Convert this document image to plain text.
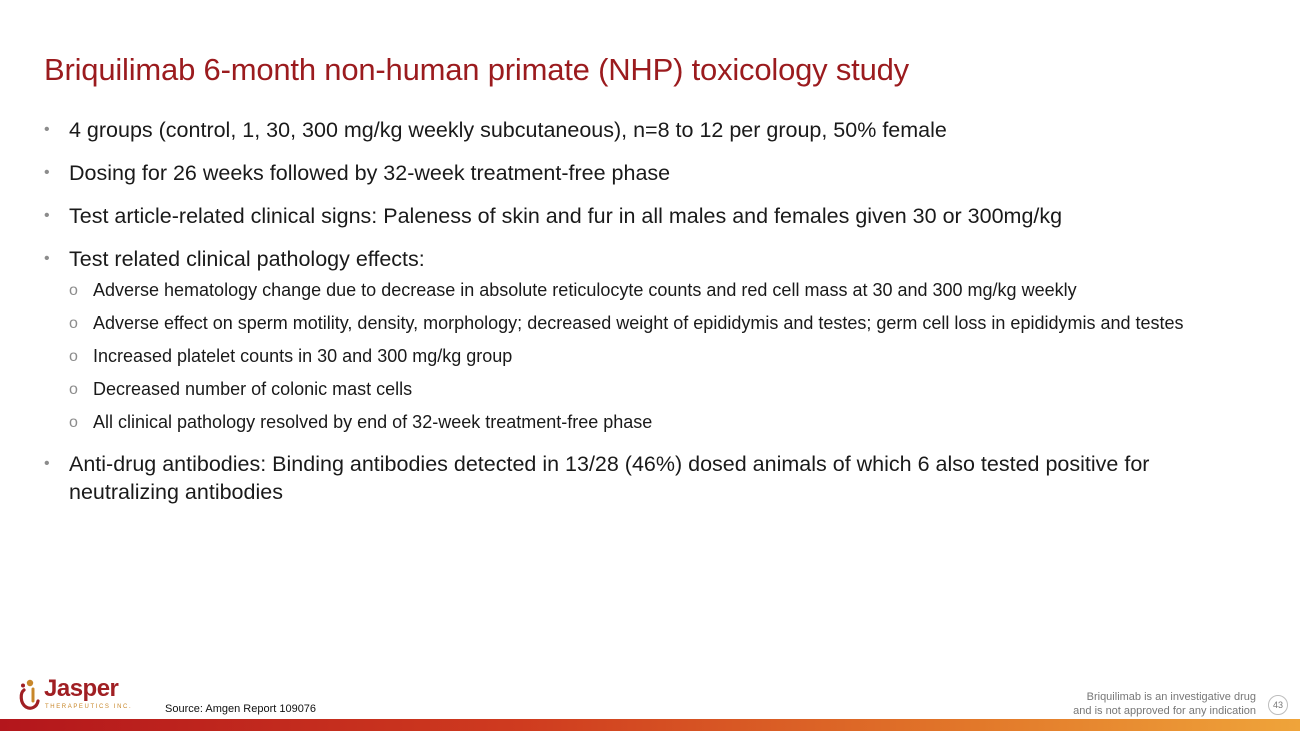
Briquilimab 6-month non-human primate (NHP) toxicology study
• 4 groups (control, 1, 30, 300 mg/kg weekly subcutaneous), n=8 to 12 per group, 50% female
• Dosing for 26 weeks followed by 32-week treatment-free phase
• Test article-related clinical signs: Paleness of skin and fur in all males and females given 30 or 300mg/kg
• Test related clinical pathology effects:
o Adverse hematology change due to decrease in absolute reticulocyte counts and red cell mass at 30 and 300 mg/kg weekly
o Adverse effect on sperm motility, density, morphology; decreased weight of epididymis and testes; germ cell loss in epididymis and testes
o Increased platelet counts in 30 and 300 mg/kg group
o Decreased number of colonic mast cells
o All clinical pathology resolved by end of 32-week treatment-free phase
• Anti-drug antibodies: Binding antibodies detected in 13/28 (46%) dosed animals of which 6 also tested positive for neutralizing antibodies
Jasper
THERAPEUTICS INC.	Source: Amgen Report 109076
Briquilimab is an investigative drug
and is not approved for any indication	43
